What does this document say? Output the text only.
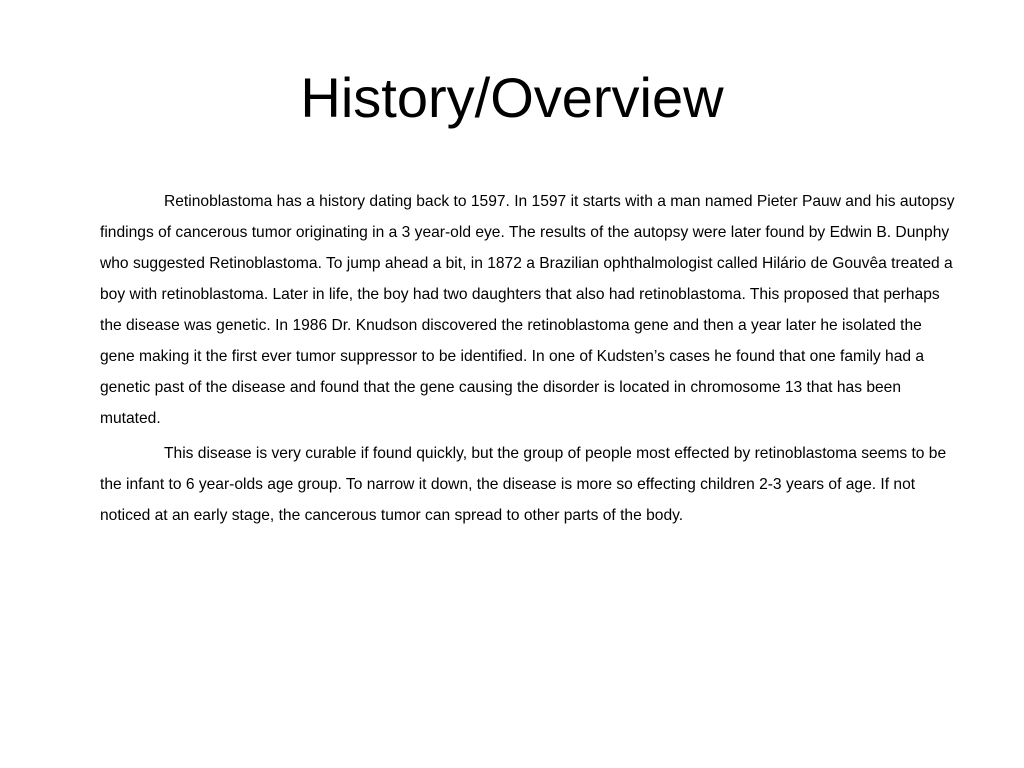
History/Overview

Retinoblastoma has a history dating back to 1597. In 1597 it starts with a man named Pieter Pauw and his autopsy findings of cancerous tumor originating in a 3 year-old eye. The results of the autopsy were later found by Edwin B. Dunphy who suggested Retinoblastoma. To jump ahead a bit, in 1872 a Brazilian ophthalmologist called Hilário de Gouvêa treated a boy with retinoblastoma. Later in life, the boy had two daughters that also had retinoblastoma. This proposed that perhaps the disease was genetic. In 1986 Dr. Knudson discovered the retinoblastoma gene and then a year later he isolated the gene making it the first ever tumor suppressor to be identified. In one of Kudsten’s cases he found that one family had a genetic past of the disease and found that the gene causing the disorder is located in chromosome 13 that has been mutated.

This disease is very curable if found quickly, but the group of people most effected by retinoblastoma seems to be the infant to 6 year-olds age group. To narrow it down, the disease is more so effecting children 2-3 years of age. If not noticed at an early stage, the cancerous tumor can spread to other parts of the body.
